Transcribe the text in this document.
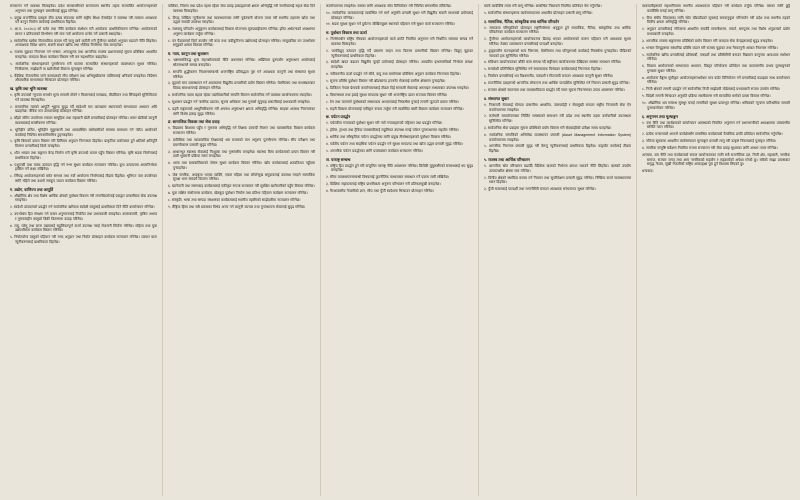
सञ्चालन गर्ने व्यवस्था मिलाइनेछ। प्रदेश सरकारसँगको समन्वयमा स्थानीय तहमा सञ्चालित आयोजनाहरूको अनुगमन तथा मूल्याङ्कन प्रणालीलाई सुदृढ गरिनेछ।
१. प्रमुख राजनीतिक दलहरू बीच उत्पन्न संकटका लागि सङ्घीय शिक्षा ऐनसहित ऐ व्यवस्था गरी तत्काल आवश्यक पर्ने कानुन निर्माण कार्यलाई प्राथमिकता दिइनेछ।
२. आ.व. २०८२/८३ को बजेट तथा नीति कार्यक्रम संशोधन गरी आयोजना प्राथमिकीकरण गरिनेछ। आयोजनाको लागत र प्रतिफलको विश्लेषण गरी मात्र नयाँ आयोजना छनोट गर्ने प्रणाली बसाइनेछ।
३. सार्वजनिक खर्चमा मितव्ययिता कायम गर्दै चालु खर्च कटौती गरी पुँजीगत खर्चको अनुपात बढाउने नीति लिइनेछ। अनावश्यक विदेश भ्रमण, सवारी साधन खरिद तथा भौतिक निर्माणमा रोक लगाइनेछ।
४. राजस्व चुहावट नियन्त्रण गर्न भन्सार, अन्तःशुल्क तथा आन्तरिक राजस्व प्रशासनलाई सूचना प्रविधिमा आधारित बनाइनेछ। करदाता शिक्षा कार्यक्रम विस्तार गरी कर सहभागिता बढाइनेछ।
५. सार्वजनिक संस्थानहरूको पुनर्संरचना गरी घाटामा सञ्चालित संस्थानहरूको व्यवस्थापन सुधार गरिनेछ। निजीकरण, साझेदारी वा खारेजीको विकल्प मूल्याङ्कन गरिनेछ।
६. वैदेशिक रोजगारीमा जाने कामदारको सीप परीक्षण तथा अभिमुखीकरण तालिमलाई अनिवार्य बनाइनेछ। विप्रेषण औपचारिक माध्यमबाट भित्र्याउन प्रोत्साहन गरिनेछ।
ख. कृषि तथा भूमि व्यवस्था
१. कृषि उपजको न्यूनतम समर्थन मूल्य समयमै तोक्ने र किसानलाई मलखाद, बीउबिजन तथा सिँचाइको सुनिश्चितता गर्ने व्यवस्था मिलाइनेछ।
२. रासायनिक मलको आपूर्ति शृङ्खला सुदृढ गर्दै स्वदेशमै मल कारखाना स्थापनाको सम्भाव्यता अध्ययन अघि बढाइनेछ। जैविक मल उत्पादनलाई प्रोत्साहन गरिनेछ।
३. बाँझो जमिन उपयोगमा ल्याउन सामूहिक तथा सहकारी खेती प्रणालीलाई प्रोत्साहन गरिनेछ। करार खेतीको कानुनी व्यवस्थालाई सरलीकरण गरिनेछ।
४. भूमिहीन दलित, भूमिहीन सुकुम्बासी तथा अव्यवस्थित बसोबासीको समस्या समाधान गर्न गठित आयोगको कार्यलाई निश्चित समयसीमाभित्र टुङ्ग्याइनेछ।
५. कृषि बिमाको दायरा विस्तार गरी प्रिमियम अनुदान निरन्तरता दिइनेछ। प्राकृतिक प्रकोपबाट हुने क्षतिको क्षतिपूर्ति वितरण प्रणालीलाई छिटो बनाइनेछ।
६. शीत भण्डार तथा सङ्कलन केन्द्र निर्माण गरी कृषि उपजको बजार पहुँच विस्तार गरिनेछ। कृषि सडक निर्माणलाई प्राथमिकता दिइनेछ।
७. पशुपन्छी तथा मत्स्य उत्पादन वृद्धि गर्न नश्ल सुधार कार्यक्रम सञ्चालन गरिनेछ। दुग्ध उत्पादनमा आत्मनिर्भरता हासिल गर्ने लक्ष्य राखिनेछ।
८. सिँचाइ आयोजनाहरूको मर्मत सम्भार तथा नयाँ आयोजना निर्माणलाई तीव्रता दिइनेछ। भूमिगत जल उपयोगका लागि गहिरो तथा उथलो नलकूप जडान कार्यक्रम विस्तार गरिनेछ।
ग. उद्योग, वाणिज्य तथा आपूर्ति
१. औद्योगिक क्षेत्र तथा विशेष आर्थिक क्षेत्रको पूर्वाधार विकास गरी लगानीकर्तालाई एकद्वार प्रणालीबाट सेवा उपलब्ध गराइनेछ।
२. स्वदेशी उत्पादनको प्रवर्द्धन गर्न सार्वजनिक खरिदमा स्वदेशी वस्तुलाई प्राथमिकता दिने नीति कार्यान्वयन गरिनेछ।
३. उपभोक्ता हित संरक्षण गर्न बजार अनुगमनलाई नियमित तथा प्रभावकारी बनाइनेछ। कालाबजारी, कृत्रिम अभाव र गुणस्तरहीन वस्तुको बिक्री वितरणमा कडाइ गरिनेछ।
४. लघु, घरेलु तथा साना उद्यमलाई सहुलियतपूर्ण कर्जा उपलब्ध गराई रोजगारी सिर्जना गरिनेछ। महिला तथा युवा उद्यमशीलता कार्यक्रम विस्तार गरिनेछ।
५. निर्यातयोग्य वस्तुको पहिचान गरी नगद अनुदान तथा निर्यात प्रोत्साहन कार्यक्रम सञ्चालन गरिनेछ। व्यापार घाटा न्यूनीकरणलाई प्राथमिकता दिइनेछ।
पालिका, जिल्ला तथा प्रदेश तहमा रहेका सेवा प्रवाह इकाइहरूको क्षमता अभिवृद्धि गरी नागरिकलाई सहज सेवा दिने व्यवस्था मिलाइनेछ।
६. विपद् जोखिम न्यूनीकरण तथा व्यवस्थापनका लागि पूर्वतयारी योजना तयार गरी स्थानीय तहसम्म खोज तथा उद्धार सामग्री उपलब्ध गराइनेछ।
७. जलवायु परिवर्तन अनुकूलन कार्यक्रमलाई विकास योजनामा मूलप्रवाहीकरण गरिनेछ। हरित अर्थतन्त्रको अवधारणा अनुरूप कार्यक्रम तर्जुमा गरिनेछ।
८. वन पैदावारको दिगो उपयोग गरी काठ तथा जडीबुटीजन्य उद्योगलाई प्रोत्साहन गरिनेछ। सामुदायिक वन उपभोक्ता समूहको क्षमता विकास गरिनेछ।
घ. न्याय, कानुन तथा सुशासन
१. भ्रष्टाचारविरुद्ध शून्य सहनशीलताको नीति अवलम्बन गरिनेछ। अख्तियार दुरुपयोग अनुसन्धान आयोगलाई स्रोतसाधनले सम्पन्न बनाइनेछ।
२. सम्पत्ति शुद्धीकरण निवारणसम्बन्धी अन्तर्राष्ट्रिय प्रतिबद्धता पूरा गर्न आवश्यक कानुनी तथा संस्थागत सुधार गरिनेछ।
३. मुद्दाको चाप व्यवस्थापन गर्न अदालतमा विद्युतीय प्रणालीको प्रयोग विस्तार गरिनेछ। मेलमिलाप तथा मध्यस्थताबाट विवाद समाधानलाई प्रोत्साहन गरिनेछ।
४. सार्वजनिक पदमा बहाल रहेका पदाधिकारीको सम्पत्ति विवरण सार्वजनिक गर्ने व्यवस्था कार्यान्वयनमा ल्याइनेछ।
५. सुशासन प्रवर्द्धन गर्न नागरिक वडापत्र, सूचना अधिकार तथा गुनासो सुनुवाइ प्रणालीलाई प्रभावकारी बनाइनेछ।
६. प्रहरी सङ्गठनको आधुनिकीकरण गरी अपराध अनुसन्धान क्षमता अभिवृद्धि गरिनेछ। साइबर अपराध नियन्त्रणका लागि विशेष इकाइ सुदृढ गरिनेछ।
ङ. सामाजिक विकास तथा सेवा प्रवाह
१. विद्यालय शिक्षामा पहुँच र गुणस्तर अभिवृद्धि गर्न शिक्षक दरबन्दी मिलान तथा व्यावसायिक विकास कार्यक्रम सञ्चालन गरिनेछ।
२. प्राविधिक तथा व्यावसायिक शिक्षालाई श्रम बजारको माग अनुरूप पुनर्संरचना गरिनेछ। सीप परीक्षण तथा प्रमाणीकरण प्रणाली सुदृढ गरिनेछ।
३. आधारभूत स्वास्थ्य सेवालाई निःशुल्क तथा गुणस्तरीय बनाइनेछ। स्वास्थ्य बिमा कार्यक्रमको दायरा विस्तार गरी दाबी भुक्तानी प्रक्रिया सरल बनाइनेछ।
४. आमा तथा बालबालिकाको पोषण सुधार कार्यक्रम विस्तार गरिनेछ। खोप कार्यक्रमलाई शतप्रतिशत पहुँचमा पुर्‍याइनेछ।
५. जेष्ठ नागरिक, अपाङ्गता भएका व्यक्ति, एकल महिला तथा लोपोन्मुख समुदायलाई उपलब्ध गराइने सामाजिक सुरक्षा भत्ता समयमै वितरण गरिनेछ।
६. खानेपानी तथा सरसफाइ कार्यक्रमलाई एकीकृत रूपमा सञ्चालन गरी सुरक्षित खानेपानीको पहुँच विस्तार गरिनेछ।
७. युवा लक्षित स्वरोजगार कार्यक्रम, खेलकुद पूर्वाधार निर्माण तथा प्रतिभा पहिचान कार्यक्रम सञ्चालन गरिनेछ।
८. संस्कृति, भाषा तथा सम्पदा संरक्षणका कार्यक्रमलाई स्थानीय तहसँगको साझेदारीमा सञ्चालन गरिनेछ।
९. लैङ्गिक हिंसा तथा सबै प्रकारका विभेद अन्त्य गर्न कानुनी उपचार तथा पुनःस्थापना सेवालाई सुदृढ गरिनेछ।
कार्यान्वयनमा ल्याइनेछ। यसका लागि आवश्यक स्रोत विनियोजन गरी निश्चित समयसीमा तोकिनेछ।
१०. सार्वजनिक यातायातलाई व्यवस्थित गर्न मार्ग अनुमति प्रणाली सुधार गरी विद्युतीय सवारी साधनको प्रयोगलाई प्रोत्साहन गरिनेछ।
११. सडक सुरक्षा सुधार गर्न दुर्घटना जोखिमयुक्त स्थानको पहिचान गरी सुधार कार्य सञ्चालन गरिनेछ।
च. पूर्वाधार विकास तथा ऊर्जा
१. निर्माणाधीन राष्ट्रिय गौरवका आयोजनाहरूको कार्य प्रगति नियमित अनुगमन गरी निर्धारित समयमा सम्पन्न गर्ने व्यवस्था मिलाइनेछ।
२. जलविद्युत् उत्पादन वृद्धि गर्दै प्रसारण लाइन तथा वितरण प्रणालीको विस्तार गरिनेछ। विद्युत् चुहावट न्यूनीकरणलाई प्राथमिकता दिइनेछ।
३. स्वदेशी खपत बढाउन विद्युतीय चुल्हो प्रयोगलाई प्रोत्साहन गरिनेछ। आयातित इन्धनमाथिको निर्भरता क्रमशः घटाइनेछ।
४. नवीकरणीय ऊर्जा प्रवर्द्धन गर्न सौर्य, वायु तथा बायोग्यास प्रविधिमा अनुदान कार्यक्रम निरन्तरता दिइनेछ।
५. सूचना प्रविधि पूर्वाधार विस्तार गरी ब्रोडब्याण्ड इन्टरनेट सेवालाई ग्रामीण क्षेत्रसम्म पुर्‍याइनेछ।
६. डिजिटल नेपाल फ्रेमवर्क कार्यान्वयनलाई तीव्रता दिई सरकारी सेवालाई अनलाइन माध्यमबाट उपलब्ध गराइनेछ।
७. विमानस्थल तथा हवाई सुरक्षा मापदण्ड सुधार गरी अन्तर्राष्ट्रिय उडान सञ्जाल विस्तार गरिनेछ।
८. रेल तथा जलमार्ग पूर्वाधारको सम्भाव्यता अध्ययनलाई निष्कर्षमा पुर्‍याई लगानी जुटाउने प्रयास गरिनेछ।
९. सहरी विकास योजनालाई एकीकृत रूपमा तर्जुमा गरी व्यवस्थित बस्ती विकास कार्यक्रम सञ्चालन गरिनेछ।
छ. पर्यटन प्रवर्द्धन
१. पर्यटकीय गन्तव्यको पूर्वाधार सुधार गरी नयाँ गन्तव्यहरूको पहिचान तथा प्रवर्द्धन गरिनेछ।
२. होटेल, ट्राभल तथा ट्रेकिङ व्यवसायीलाई सहुलियत उपलब्ध गराई पर्यटन पुनरुत्थानमा सहयोग गरिनेछ।
३. धार्मिक तथा साँस्कृतिक पर्यटन प्रवर्द्धनका लागि प्रमुख तीर्थस्थलहरूको पूर्वाधार विकास गरिनेछ।
४. पर्वतीय पर्यटन तथा साहसिक पर्यटन प्रवर्द्धन गर्न सुरक्षा मापदण्ड तथा खोज उद्धार प्रणाली सुदृढ गरिनेछ।
५. आन्तरिक पर्यटन प्रवर्द्धनका लागि प्रचारप्रसार कार्यक्रम सञ्चालन गरिनेछ।
ज. परराष्ट्र सम्बन्ध
१. राष्ट्रिय हित प्रवर्द्धन हुने गरी सन्तुलित परराष्ट्र नीति अवलम्बन गरिनेछ। छिमेकी मुलुकसँगको सम्बन्धलाई थप सुदृढ बनाइनेछ।
२. सीमा व्यवस्थापनसम्बन्धी विषयलाई कूटनीतिक माध्यमबाट समाधान गर्ने प्रयास जारी राखिनेछ।
३. वैदेशिक सहायतालाई राष्ट्रिय प्राथमिकता अनुरूप परिचालन गरी प्रतिफलमुखी बनाइनेछ।
४. गैरआवासीय नेपालीको ज्ञान, सीप तथा पुँजी स्वदेशमा भित्र्याउन प्रोत्साहन गरिनेछ।
यस्तो कार्यविधि तयार गरी लागू गरिनेछ। सम्बन्धित निकायले नियमित प्रतिवेदन पेस गर्नुपर्नेछ।
५. सार्वजनिक संस्थानहरूमा कार्यसम्पादनमा आधारित प्रोत्साहन प्रणाली लागू गरिनेछ।
३. सामाजिक, नैतिक, सांस्कृतिक तथा धार्मिक परिवर्तन
१. समाजमा परिष्कृतिको प्रोत्साहन राष्ट्रनिर्माणमा अनुकूल हुने सामाजिक, नैतिक, सांस्कृतिक तथा धार्मिक परिवर्तनका कार्यक्रम सञ्चालन गरिनेछ।
२. पुँजीगत आयोजनाहरूको कार्यान्वयनमा ढिलाइ भएका आयोजनाको कारण पहिचान गरी आवश्यक सुधार गरिनेछ। ठेक्का व्यवस्थापन प्रणालीलाई पारदर्शी बनाइनेछ।
३. द्वन्द्वकालीन घटनाहरूको सत्य निरूपण, मेलमिलाप तथा परिपूरणको कार्यलाई निष्कर्षमा पुर्‍याइनेछ। पीडितको न्यायको हक सुनिश्चित गरिनेछ।
४. संविधान कार्यान्वयनका बाँकी काम सम्पन्न गर्दै सङ्घीयता कार्यान्वयनमा देखिएका समस्या समाधान गरिनेछ।
५. समावेशी प्रतिनिधित्व सुनिश्चित गर्न सकारात्मक विभेदका कार्यक्रमलाई निरन्तरता दिइनेछ।
६. निर्वाचन प्रणालीलाई थप विश्वसनीय, पारदर्शी र मितव्ययी बनाउन आवश्यक कानुनी सुधार गरिनेछ।
७. राजनीतिक दलहरूको आन्तरिक लोकतन्त्र तथा आर्थिक पारदर्शिता सुनिश्चित गर्न नियमन प्रणाली सुदृढ गरिनेछ।
८. सञ्चार क्षेत्रको स्वतन्त्रता तथा व्यावसायिकता प्रवर्द्धन गर्दै गलत सूचना नियन्त्रणका उपाय अवलम्बन गरिनेछ।
४. संस्थागत सुधार
१. निजामती सेवालाई योग्यता प्रणालीमा आधारित, जवाफदेही र सेवामुखी बनाउन सङ्घीय निजामती सेवा ऐन कार्यान्वयनमा ल्याइनेछ।
२. कर्मचारी समायोजनबाट सिर्जित समस्याको समाधान गरी प्रदेश तथा स्थानीय तहमा कर्मचारीको उपलब्धता सुनिश्चित गरिनेछ।
३. सार्वजनिक सेवा प्रवाहमा सूचना प्रविधिको प्रयोग विस्तार गरी सेवाग्राहीको प्रतीक्षा समय घटाइनेछ।
४. सार्वजनिक सम्पत्तिको अभिलेख व्यवस्थापन प्रणाली (Asset Management Information System) कार्यान्वयनमा ल्याइनेछ।
५. आन्तरिक नियन्त्रण प्रणाली सुदृढ गरी बेरुजु न्यूनीकरणलाई प्राथमिकता दिइनेछ। फछ्र्योट कार्यलाई तीव्रता दिइनेछ।
५. राजस्व तथा आर्थिक परिचालन
१. आन्तरिक स्रोत परिचालन बढाउँदै वैदेशिक ऋणको निर्भरता क्रमशः घटाउने नीति लिइनेछ। ऋणको उपयोग उत्पादनशील क्षेत्रमा मात्र गरिनेछ।
२. वित्तीय क्षेत्रको स्थायित्व कायम गर्न नियमन तथा सुपरिवेक्षण प्रणाली सुदृढ गरिनेछ। निष्क्रिय कर्जा व्यवस्थापनमा ध्यान दिइनेछ।
३. पुँजी बजारलाई पारदर्शी तथा लगानीमैत्री बनाउन आवश्यक संरचनागत सुधार गरिनेछ।
व्यवसायीहरूको सहभागितामा स्थानीय आवश्यकता पहिचान गरी कार्यक्रम तर्जुमा गरिनेछ। यसका लागि छुट्टै कार्यविधि बनाई लागू गरिनेछ।
१. वित्त संघीय विकासका लागि स्रोत बाँडफाँडको सूत्रलाई समयानुकूल परिमार्जन गरी प्रदेश तथा स्थानीय तहको वित्तीय क्षमता अभिवृद्धि गरिनेछ।
२. अनुदान प्रणालीलाई नतिजामा आधारित बनाउँदै समानीकरण, ससर्त, समपूरक तथा विशेष अनुदानको प्रयोग प्रभावकारी बनाइनेछ।
३. आन्तरिक राजस्व सङ्कलनमा प्रविधिको प्रयोग विस्तार गरी करदाता सेवा केन्द्रहरूलाई सुदृढ बनाइनेछ।
४. भन्सार विन्दुहरूमा स्क्यानिङ प्रविधि जडान गरी राजस्व चुहावट तथा गैरकानुनी आयात नियन्त्रण गरिनेछ।
५. सार्वजनिक खरिद प्रणालीलाई प्रतिस्पर्धी, पारदर्शी तथा प्रविधिमैत्री बनाउन विद्यमान कानुनमा आवश्यक संशोधन गरिनेछ।
६. विकास आयोजनाको सम्भाव्यता अध्ययन, विस्तृत परियोजना प्रतिवेदन तथा वातावरणीय प्रभाव मूल्याङ्कनको गुणस्तर सुधार गरिनेछ।
७. आयोजना बैङ्कमा सूचीकृत आयोजनाहरूमध्येबाट मात्र बजेट विनियोजन गर्ने प्रणालीलाई कडाइका साथ कार्यान्वयन गरिनेछ।
८. निजी क्षेत्रको लगानी प्रवर्द्धन गर्न सार्वजनिक निजी साझेदारी मोडेललाई प्रभावकारी रूपमा उपयोग गरिनेछ।
९. विदेशी लगानी भित्र्याउन अनुमति प्रक्रिया सरलीकरण गरी स्वचालित मार्गको दायरा विस्तार गरिनेछ।
१०. औद्योगिक श्रम सम्बन्ध सुमधुर बनाई लगानीको सुरक्षा प्रत्याभूत गरिनेछ। श्रमिकको न्यूनतम पारिश्रमिक समयमै पुनरावलोकन गरिनेछ।
६. अनुगमन तथा मूल्याङ्कन
१. यस नीति तथा कार्यक्रमको कार्यान्वयन अवस्थाको नियमित अनुगमन गर्न प्रधानमन्त्रीको अध्यक्षतामा उच्चस्तरीय समिति गठन गरिनेछ।
२. प्रत्येक मन्त्रालयले आफ्नो कार्यक्षेत्रसँग सम्बन्धित कार्यक्रमको त्रैमासिक प्रगति प्रतिवेदन सार्वजनिक गर्नुपर्नेछ।
३. नतिजा सूचकमा आधारित कार्यसम्पादन मूल्याङ्कन प्रणाली लागू गरी उत्कृष्ट निकायलाई पुरस्कृत गरिनेछ।
४. नागरिक सन्तुष्टि सर्वेक्षण नियमित रूपमा सञ्चालन गरी सेवा प्रवाह सुधारका लागि आधार तयार गरिनेछ।
अन्त्यमा, यस नीति तथा कार्यक्रमको सफल कार्यान्वयनका लागि सबै राजनीतिक दल, निजी क्षेत्र, सहकारी, नागरिक समाज, सञ्चार जगत् तथा आम नागरिकको सहयोग र सहकार्यको अपेक्षा गरेको छु। सबैको साझा प्रयासबाट समृद्ध नेपाल, सुखी नेपालीको राष्ट्रिय आकाङ्क्षा पूरा हुने विश्वास लिएको छु।
धन्यवाद।
